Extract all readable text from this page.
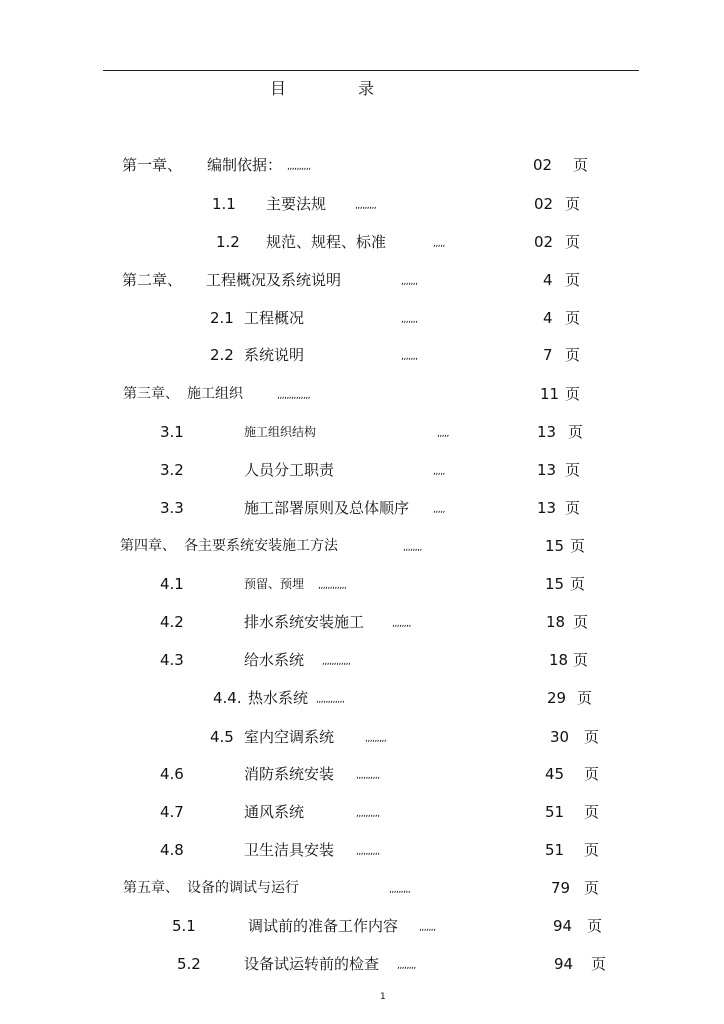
目	录
第一章、 编制依据： ,,,,,,,,,,	02 页
1.1 主要法规	,,,,,,,,,	02 页
1.2 规范、规程、标准	,,,,,	02 页
第二章、 工程概况及系统说明	,,,,,,,	4 页
2.1 工程概况	,,,,,,,	4 页
2.2 系统说明	,,,,,,,	7 页
第三章、 施工组织	,,,,,,,,,,,,,,	11 页
3.1	施工组织结构	,,,,,	13 页
3.2	人员分工职责	,,,,,	13 页
3.3	施工部署原则及总体顺序	,,,,,	13 页
第四章、 各主要系统安装施工方法	,,,,,,,,	15 页
4.1	预留、预埋 ,,,,,,,,,,,,	15 页
4.2	排水系统安装施工	,,,,,,,,	18 页
4.3	给水系统 ,,,,,,,,,,,,	18 页
4.4. 热水系统 ,,,,,,,,,,,,	29 页
4.5 室内空调系统	,,,,,,,,,	30 页
4.6	消防系统安装 ,,,,,,,,,,	45 页
4.7	通风系统	,,,,,,,,,,	51 页
4.8	卫生洁具安装 ,,,,,,,,,,	51 页
第五章、 设备的调试与运行	,,,,,,,,,	79 页
5.1	调试前的准备工作内容 ,,,,,,,	94 页
5.2	设备试运转前的检查 ,,,,,,,,	94 页
1
